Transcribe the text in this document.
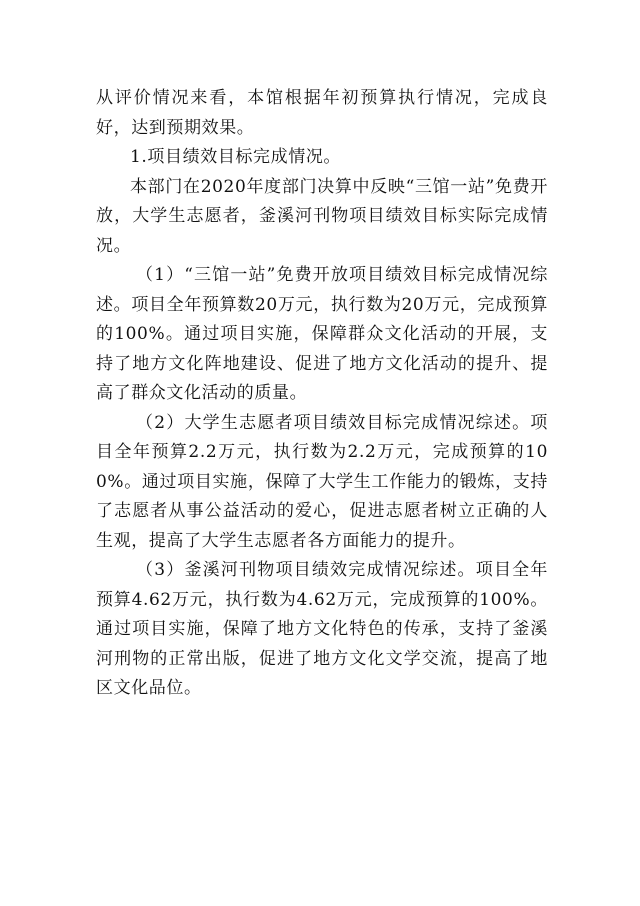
从评价情况来看，本馆根据年初预算执行情况，完成良好，达到预期效果。

1.项目绩效目标完成情况。

本部门在2020年度部门决算中反映“三馆一站”免费开放，大学生志愿者，釜溪河刊物项目绩效目标实际完成情况。

（1）“三馆一站”免费开放项目绩效目标完成情况综述。项目全年预算数20万元，执行数为20万元，完成预算的100%。通过项目实施，保障群众文化活动的开展，支持了地方文化阵地建设、促进了地方文化活动的提升、提高了群众文化活动的质量。

（2）大学生志愿者项目绩效目标完成情况综述。项目全年预算2.2万元，执行数为2.2万元，完成预算的100%。通过项目实施，保障了大学生工作能力的锻炼，支持了志愿者从事公益活动的爱心，促进志愿者树立正确的人生观，提高了大学生志愿者各方面能力的提升。

（3）釜溪河刊物项目绩效完成情况综述。项目全年预算4.62万元，执行数为4.62万元，完成预算的100%。通过项目实施，保障了地方文化特色的传承，支持了釜溪河刑物的正常出版，促进了地方文化文学交流，提高了地区文化品位。
